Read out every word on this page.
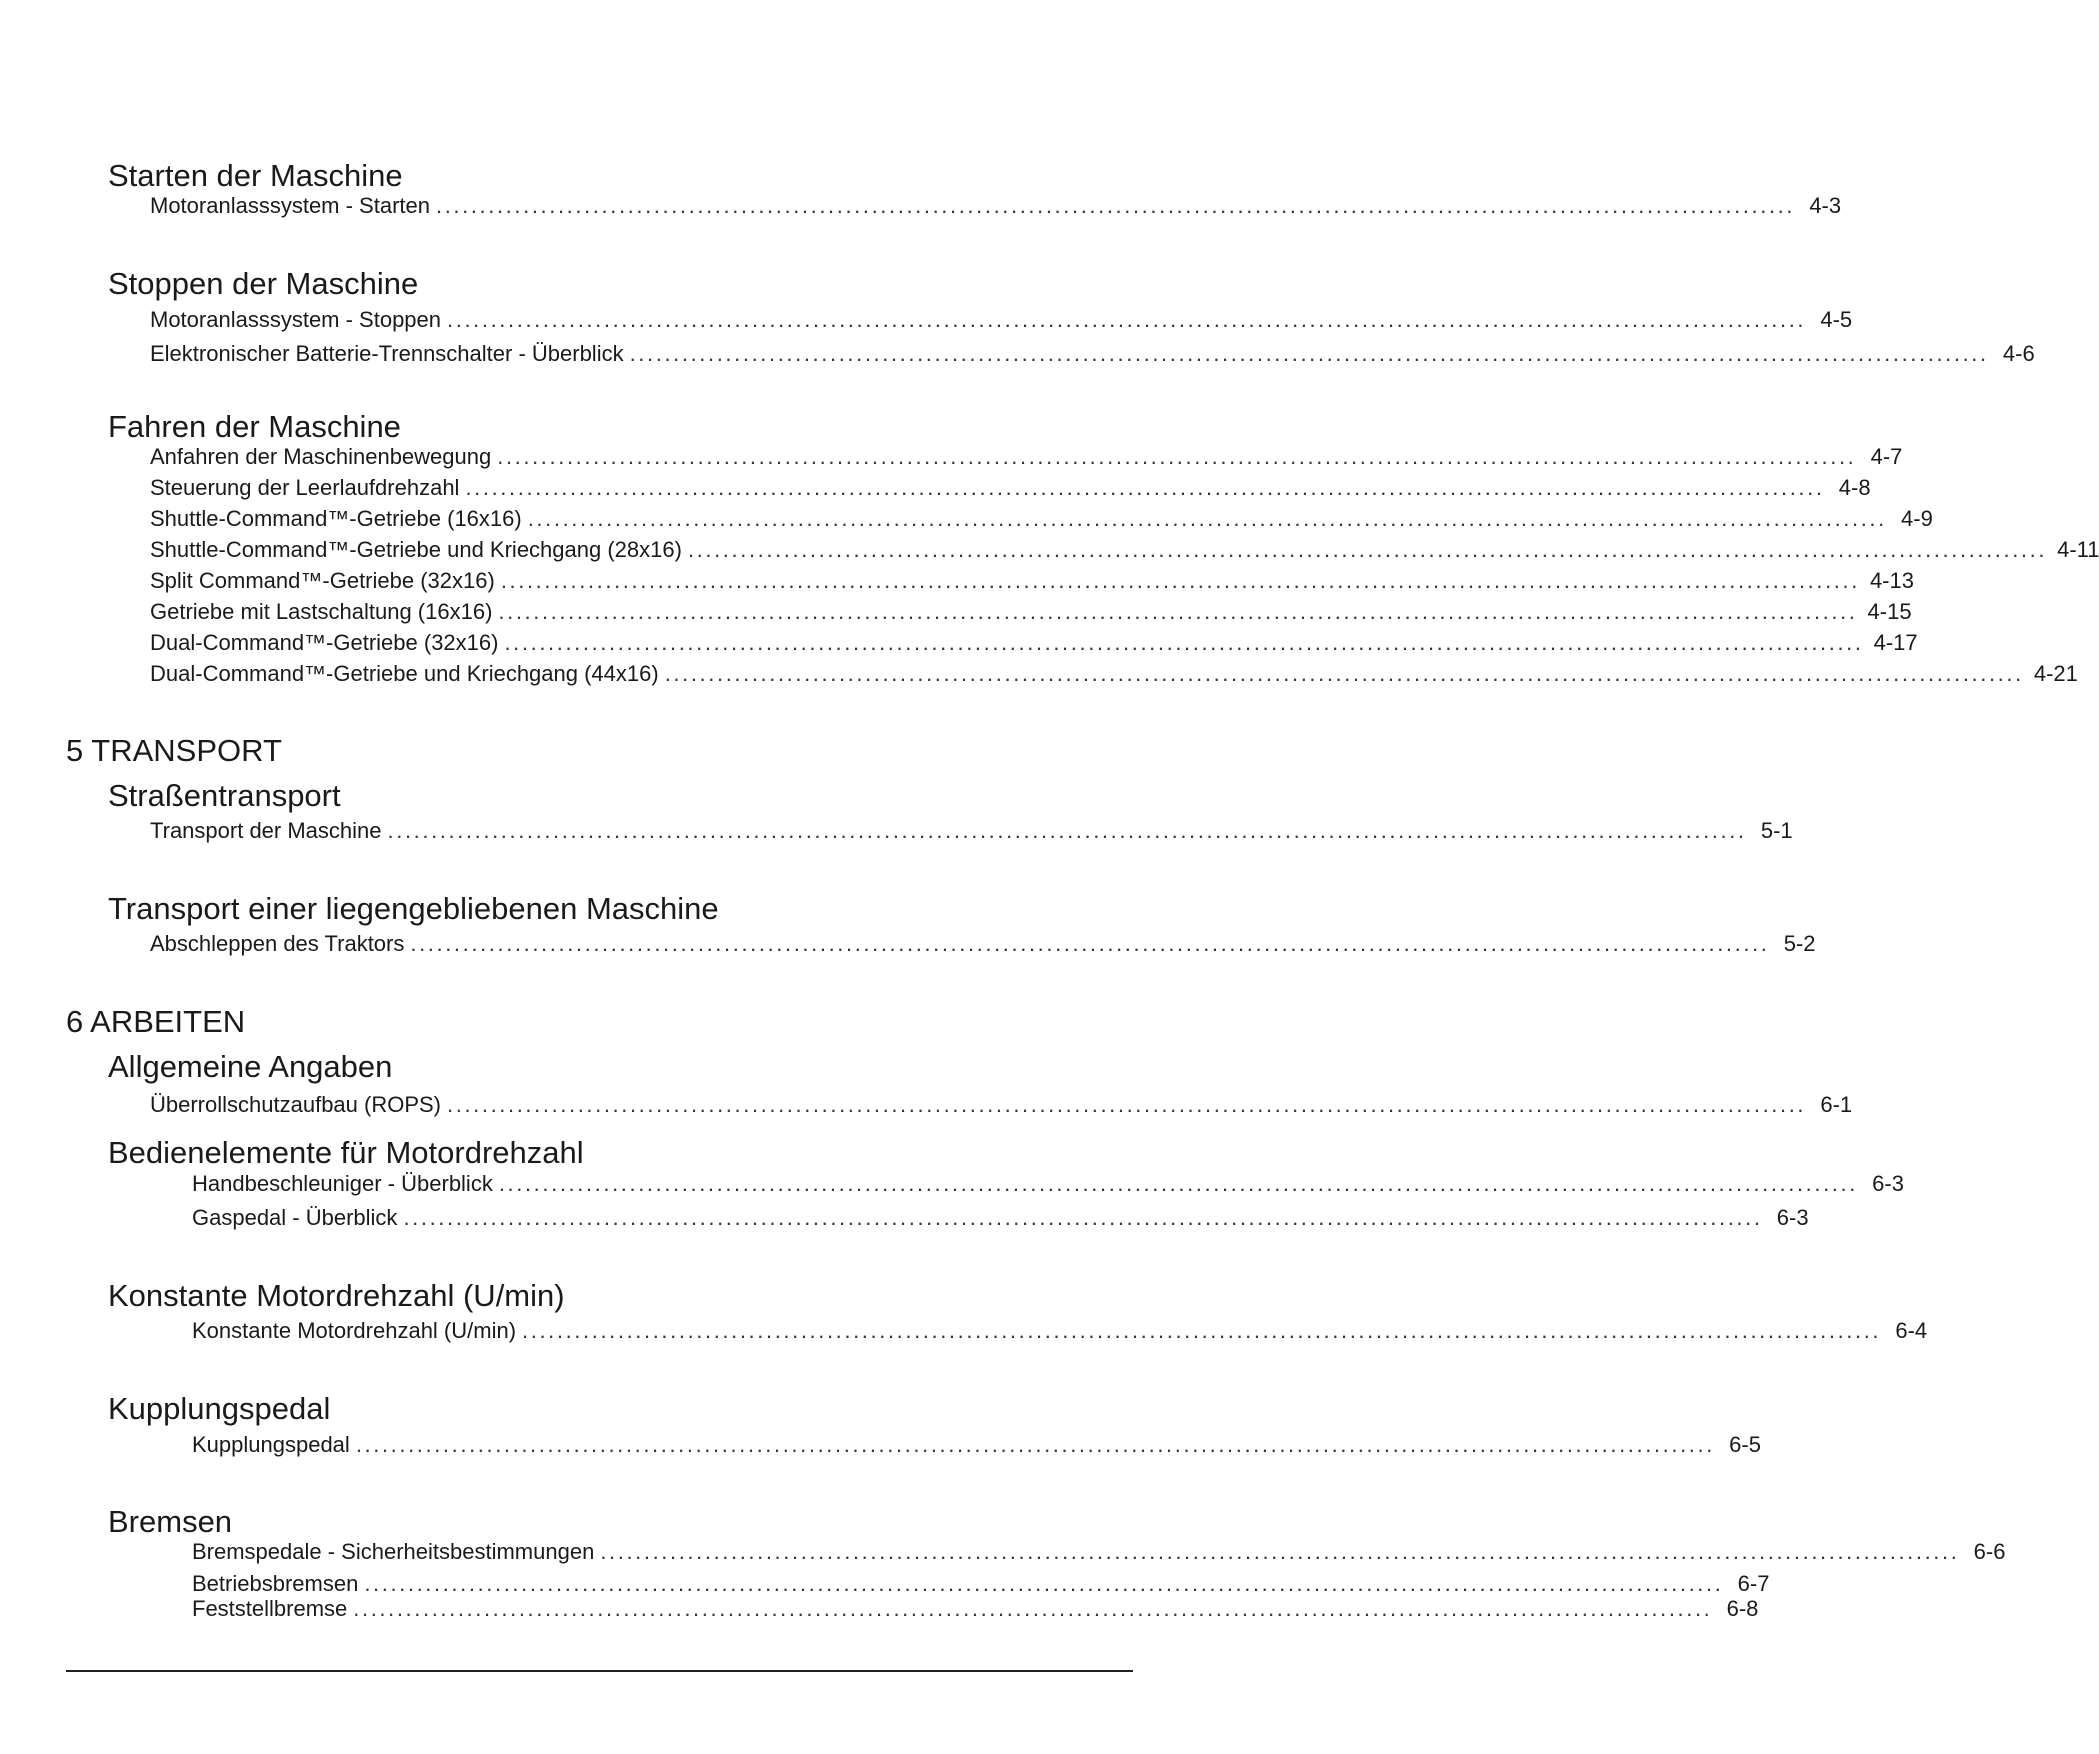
Starten der Maschine
Motoranlasssystem - Starten ............................................................................................................................................................ 4-3
Stoppen der Maschine
Motoranlasssystem - Stoppen ............................................................................................................................................................ 4-5
Elektronischer Batterie-Trennschalter - Überblick ............................................................................................................................................................ 4-6
Fahren der Maschine
Anfahren der Maschinenbewegung ............................................................................................................................................................ 4-7
Steuerung der Leerlaufdrehzahl ............................................................................................................................................................ 4-8
Shuttle-Command™-Getriebe (16x16) ............................................................................................................................................................ 4-9
Shuttle-Command™-Getriebe und Kriechgang (28x16) ............................................................................................................................................................ 4-11
Split Command™-Getriebe (32x16) ............................................................................................................................................................ 4-13
Getriebe mit Lastschaltung (16x16) ............................................................................................................................................................ 4-15
Dual-Command™-Getriebe (32x16) ............................................................................................................................................................ 4-17
Dual-Command™-Getriebe und Kriechgang (44x16) ............................................................................................................................................................ 4-21
5 TRANSPORT
Straßentransport
Transport der Maschine ............................................................................................................................................................ 5-1
Transport einer liegengebliebenen Maschine
Abschleppen des Traktors ............................................................................................................................................................ 5-2
6 ARBEITEN
Allgemeine Angaben
Überrollschutzaufbau (ROPS) ............................................................................................................................................................ 6-1
Bedienelemente für Motordrehzahl
Handbeschleuniger - Überblick ............................................................................................................................................................ 6-3
Gaspedal - Überblick ............................................................................................................................................................ 6-3
Konstante Motordrehzahl (U/min)
Konstante Motordrehzahl (U/min) ............................................................................................................................................................ 6-4
Kupplungspedal
Kupplungspedal ............................................................................................................................................................ 6-5
Bremsen
Bremspedale - Sicherheitsbestimmungen ............................................................................................................................................................ 6-6
Betriebsbremsen ............................................................................................................................................................ 6-7
Feststellbremse ............................................................................................................................................................ 6-8
